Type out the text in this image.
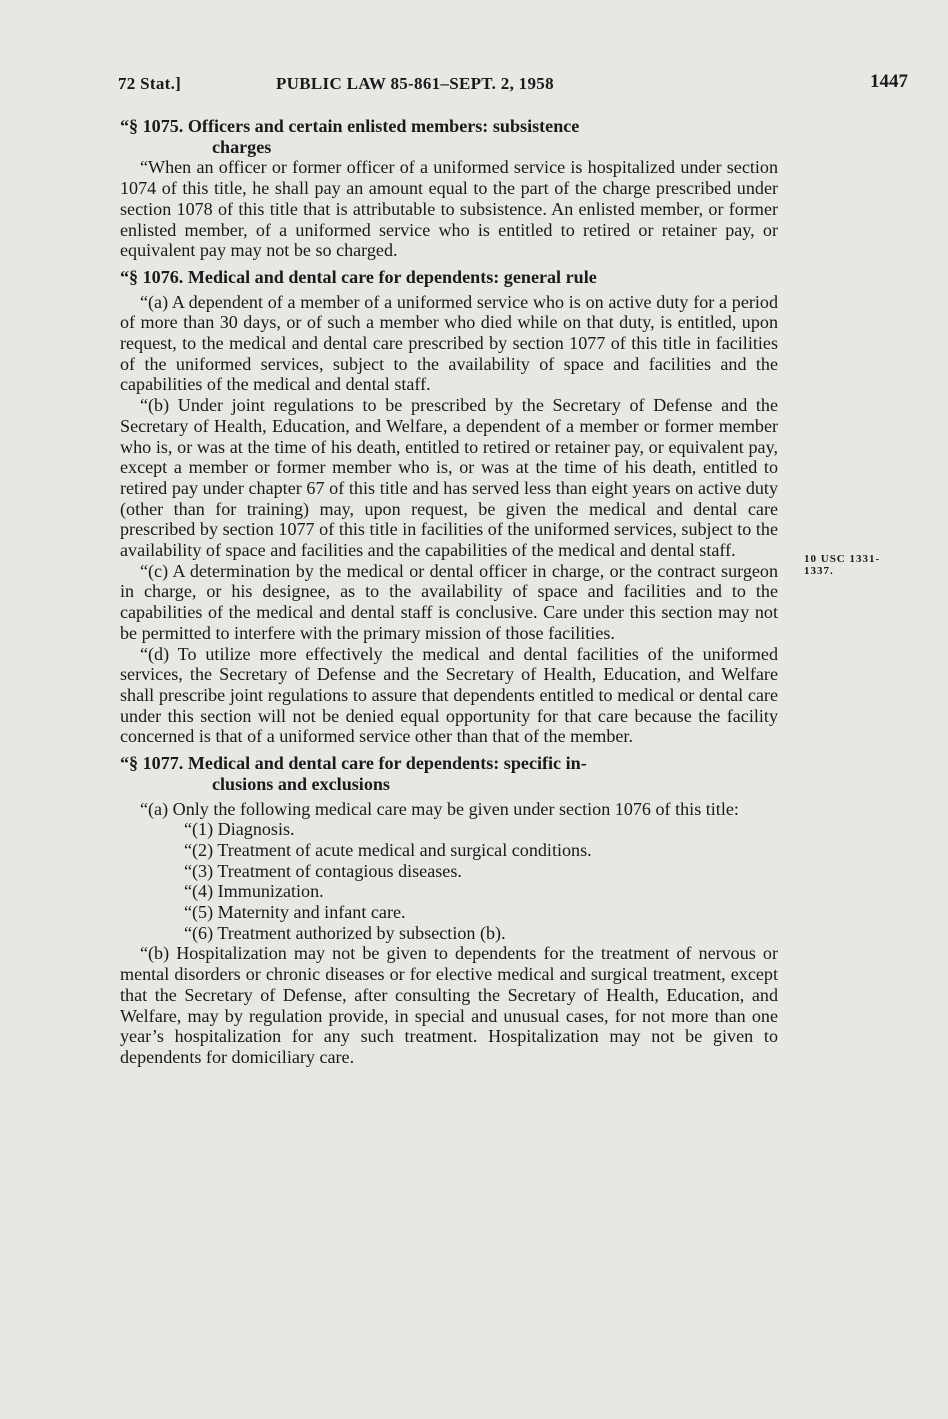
72 Stat.]	PUBLIC LAW 85-861–SEPT. 2, 1958	1447
10 USC 1331-
1337.
“§ 1075. Officers and certain enlisted members: subsistence
charges

“When an officer or former officer of a uniformed service is hospitalized under section 1074 of this title, he shall pay an amount equal to the part of the charge prescribed under section 1078 of this title that is attributable to subsistence. An enlisted member, or former enlisted member, of a uniformed service who is entitled to retired or retainer pay, or equivalent pay may not be so charged.

“§ 1076. Medical and dental care for dependents: general rule

“(a) A dependent of a member of a uniformed service who is on active duty for a period of more than 30 days, or of such a member who died while on that duty, is entitled, upon request, to the medical and dental care prescribed by section 1077 of this title in facilities of the uniformed services, subject to the availability of space and facilities and the capabilities of the medical and dental staff.

“(b) Under joint regulations to be prescribed by the Secretary of Defense and the Secretary of Health, Education, and Welfare, a dependent of a member or former member who is, or was at the time of his death, entitled to retired or retainer pay, or equivalent pay, except a member or former member who is, or was at the time of his death, entitled to retired pay under chapter 67 of this title and has served less than eight years on active duty (other than for training) may, upon request, be given the medical and dental care prescribed by section 1077 of this title in facilities of the uniformed services, subject to the availability of space and facilities and the capabilities of the medical and dental staff.

“(c) A determination by the medical or dental officer in charge, or the contract surgeon in charge, or his designee, as to the availability of space and facilities and to the capabilities of the medical and dental staff is conclusive. Care under this section may not be permitted to interfere with the primary mission of those facilities.

“(d) To utilize more effectively the medical and dental facilities of the uniformed services, the Secretary of Defense and the Secretary of Health, Education, and Welfare shall prescribe joint regulations to assure that dependents entitled to medical or dental care under this section will not be denied equal opportunity for that care because the facility concerned is that of a uniformed service other than that of the member.

“§ 1077. Medical and dental care for dependents: specific in-
clusions and exclusions

“(a) Only the following medical care may be given under section 1076 of this title:

“(1) Diagnosis.
“(2) Treatment of acute medical and surgical conditions.
“(3) Treatment of contagious diseases.
“(4) Immunization.
“(5) Maternity and infant care.
“(6) Treatment authorized by subsection (b).

“(b) Hospitalization may not be given to dependents for the treatment of nervous or mental disorders or chronic diseases or for elective medical and surgical treatment, except that the Secretary of Defense, after consulting the Secretary of Health, Education, and Welfare, may by regulation provide, in special and unusual cases, for not more than one year’s hospitalization for any such treatment. Hospitalization may not be given to dependents for domiciliary care.
